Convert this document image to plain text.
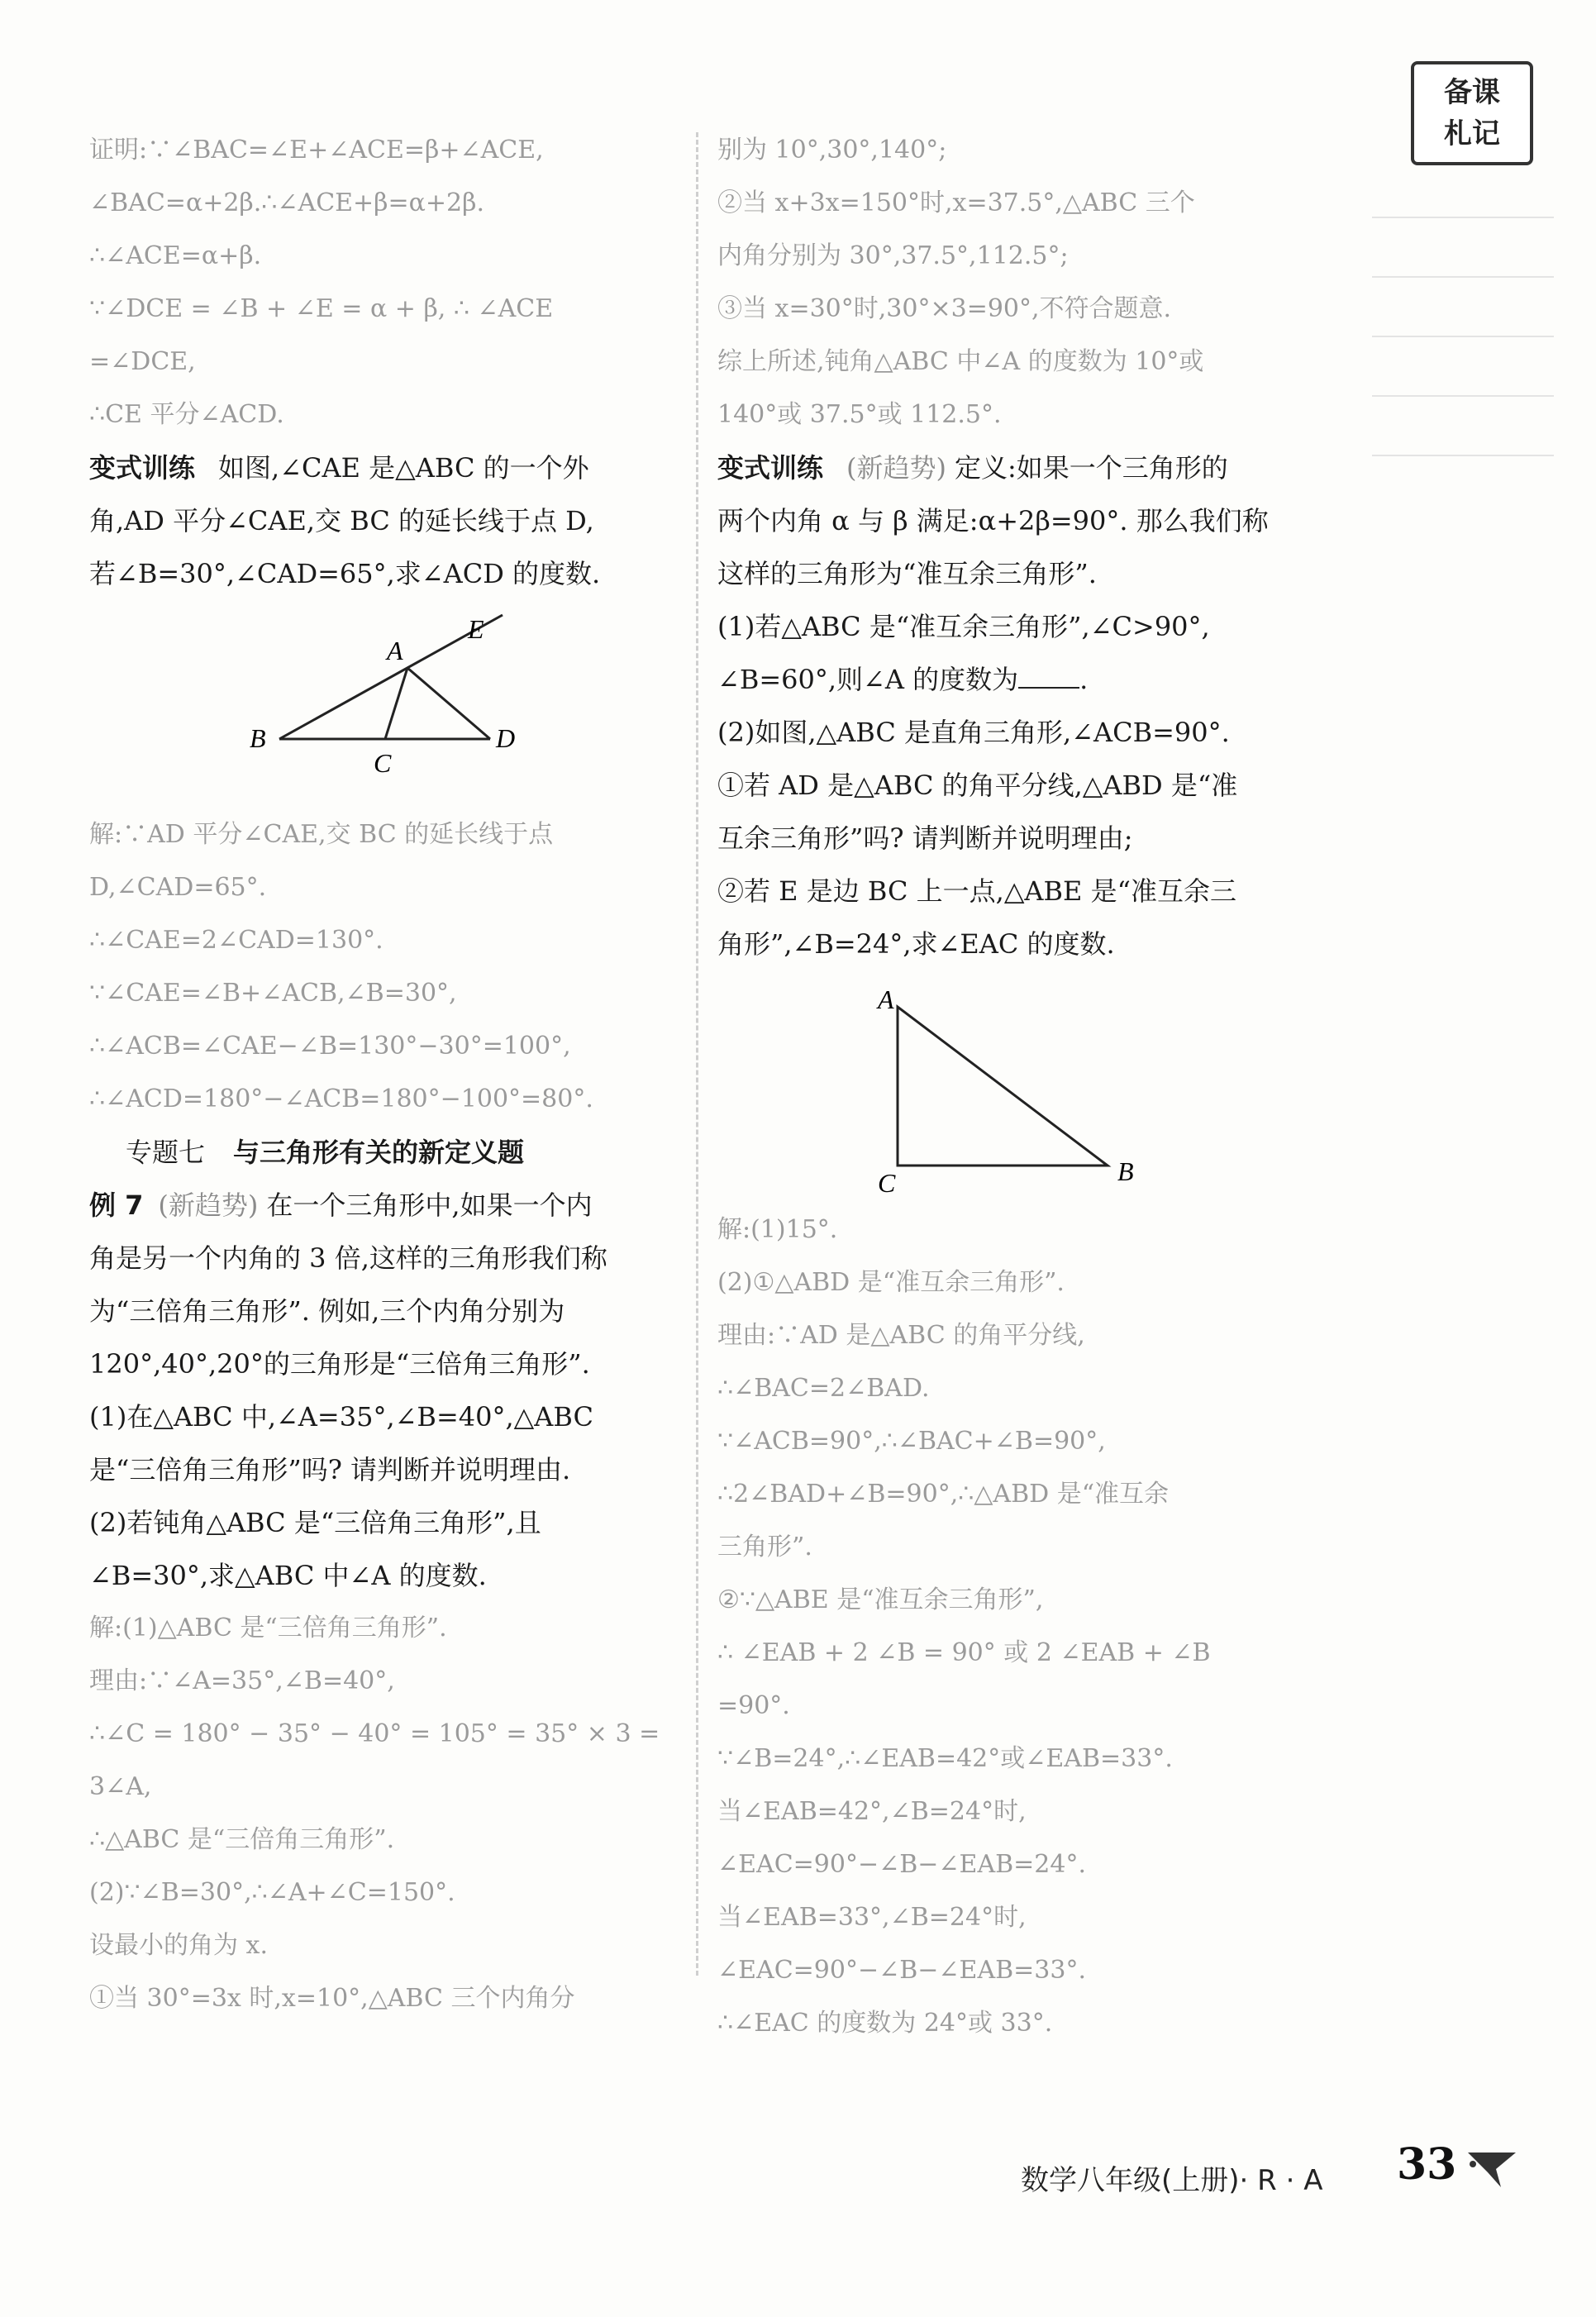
备课
札记

证明:∵∠BAC=∠E+∠ACE=β+∠ACE,

∠BAC=α+2β.∴∠ACE+β=α+2β.

∴∠ACE=α+β.

∵∠DCE = ∠B + ∠E = α + β, ∴ ∠ACE

=∠DCE,

∴CE 平分∠ACD.

变式训练 如图,∠CAE 是△ABC 的一个外

角,AD 平分∠CAE,交 BC 的延长线于点 D,

若∠B=30°,∠CAD=65°,求∠ACD 的度数.

E
A
B
C
D

解:∵AD 平分∠CAE,交 BC 的延长线于点

D,∠CAD=65°.

∴∠CAE=2∠CAD=130°.

∵∠CAE=∠B+∠ACB,∠B=30°,

∴∠ACB=∠CAE−∠B=130°−30°=100°,

∴∠ACD=180°−∠ACB=180°−100°=80°.

专题七 与三角形有关的新定义题

例 7 (新趋势) 在一个三角形中,如果一个内

角是另一个内角的 3 倍,这样的三角形我们称

为“三倍角三角形”. 例如,三个内角分别为

120°,40°,20°的三角形是“三倍角三角形”.

(1)在△ABC 中,∠A=35°,∠B=40°,△ABC

是“三倍角三角形”吗? 请判断并说明理由.

(2)若钝角△ABC 是“三倍角三角形”,且

∠B=30°,求△ABC 中∠A 的度数.

解:(1)△ABC 是“三倍角三角形”.

理由:∵∠A=35°,∠B=40°,

∴∠C = 180° − 35° − 40° = 105° = 35° × 3 =

3∠A,

∴△ABC 是“三倍角三角形”.

(2)∵∠B=30°,∴∠A+∠C=150°.

设最小的角为 x.

①当 30°=3x 时,x=10°,△ABC 三个内角分

别为 10°,30°,140°;

②当 x+3x=150°时,x=37.5°,△ABC 三个

内角分别为 30°,37.5°,112.5°;

③当 x=30°时,30°×3=90°,不符合题意.

综上所述,钝角△ABC 中∠A 的度数为 10°或

140°或 37.5°或 112.5°.

变式训练 (新趋势) 定义:如果一个三角形的

两个内角 α 与 β 满足:α+2β=90°. 那么我们称

这样的三角形为“准互余三角形”.

(1)若△ABC 是“准互余三角形”,∠C>90°,

∠B=60°,则∠A 的度数为 .

(2)如图,△ABC 是直角三角形,∠ACB=90°.

①若 AD 是△ABC 的角平分线,△ABD 是“准

互余三角形”吗? 请判断并说明理由;

②若 E 是边 BC 上一点,△ABE 是“准互余三

角形”,∠B=24°,求∠EAC 的度数.

A
C	B

解:(1)15°.

(2)①△ABD 是“准互余三角形”.

理由:∵AD 是△ABC 的角平分线,

∴∠BAC=2∠BAD.

∵∠ACB=90°,∴∠BAC+∠B=90°,

∴2∠BAD+∠B=90°,∴△ABD 是“准互余

三角形”.

②∵△ABE 是“准互余三角形”,

∴ ∠EAB + 2 ∠B = 90° 或 2 ∠EAB + ∠B

=90°.

∵∠B=24°,∴∠EAB=42°或∠EAB=33°.

当∠EAB=42°,∠B=24°时,

∠EAC=90°−∠B−∠EAB=24°.

当∠EAB=33°,∠B=24°时,

∠EAC=90°−∠B−∠EAB=33°.

∴∠EAC 的度数为 24°或 33°.

数学八年级(上册)· R · A 33
